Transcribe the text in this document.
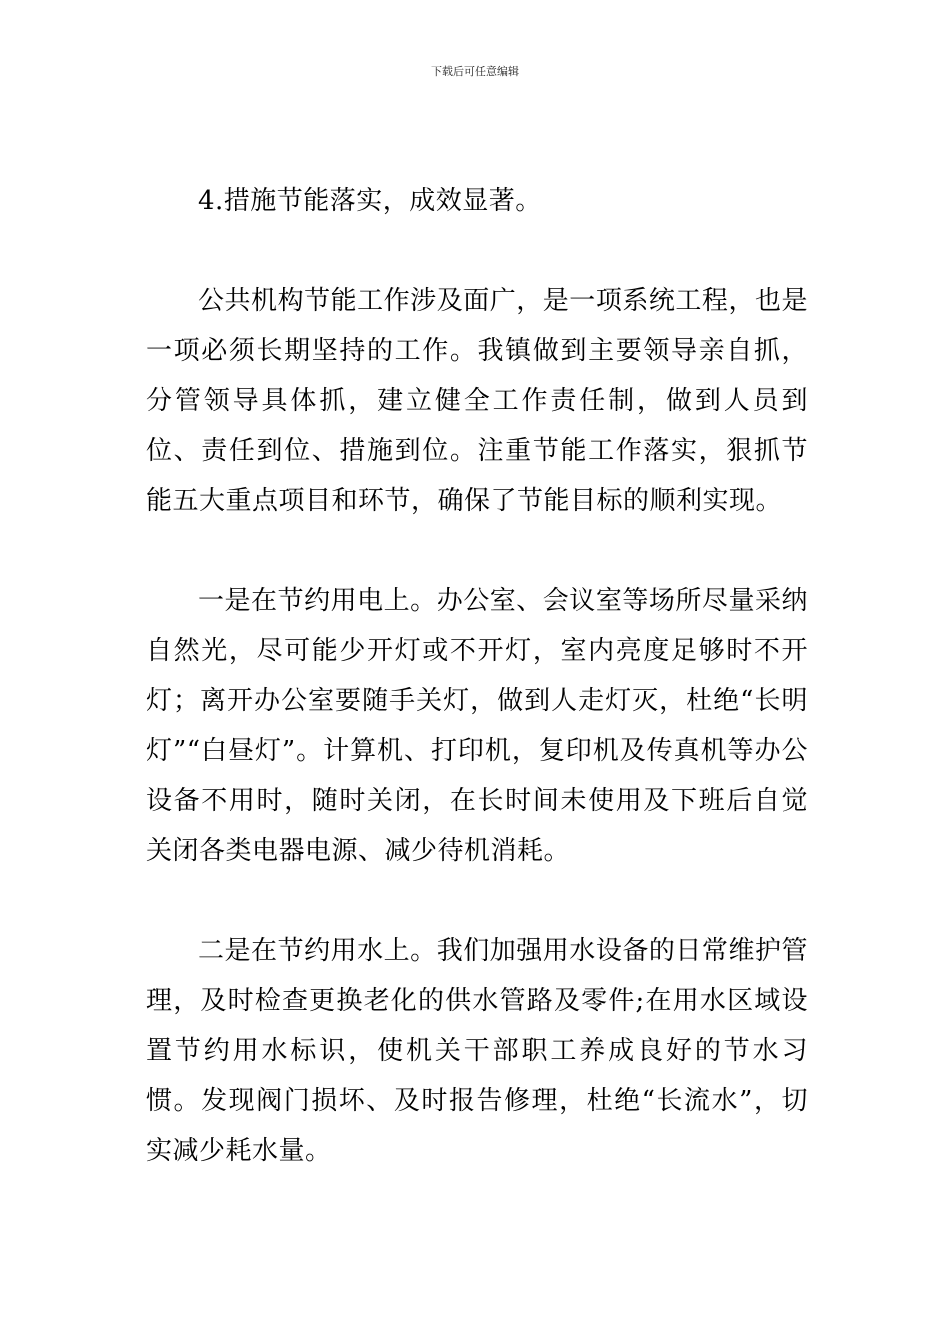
下载后可任意编辑

4.措施节能落实，成效显著。

公共机构节能工作涉及面广，是一项系统工程，也是一项必须长期坚持的工作。我镇做到主要领导亲自抓，分管领导具体抓，建立健全工作责任制，做到人员到位、责任到位、措施到位。注重节能工作落实，狠抓节能五大重点项目和环节，确保了节能目标的顺利实现。

一是在节约用电上。办公室、会议室等场所尽量采纳自然光，尽可能少开灯或不开灯，室内亮度足够时不开灯；离开办公室要随手关灯，做到人走灯灭，杜绝“长明灯”“白昼灯”。计算机、打印机，复印机及传真机等办公设备不用时，随时关闭，在长时间未使用及下班后自觉关闭各类电器电源、减少待机消耗。

二是在节约用水上。我们加强用水设备的日常维护管理，及时检查更换老化的供水管路及零件;在用水区域设置节约用水标识，使机关干部职工养成良好的节水习惯。发现阀门损坏、及时报告修理，杜绝“长流水”，切实减少耗水量。
